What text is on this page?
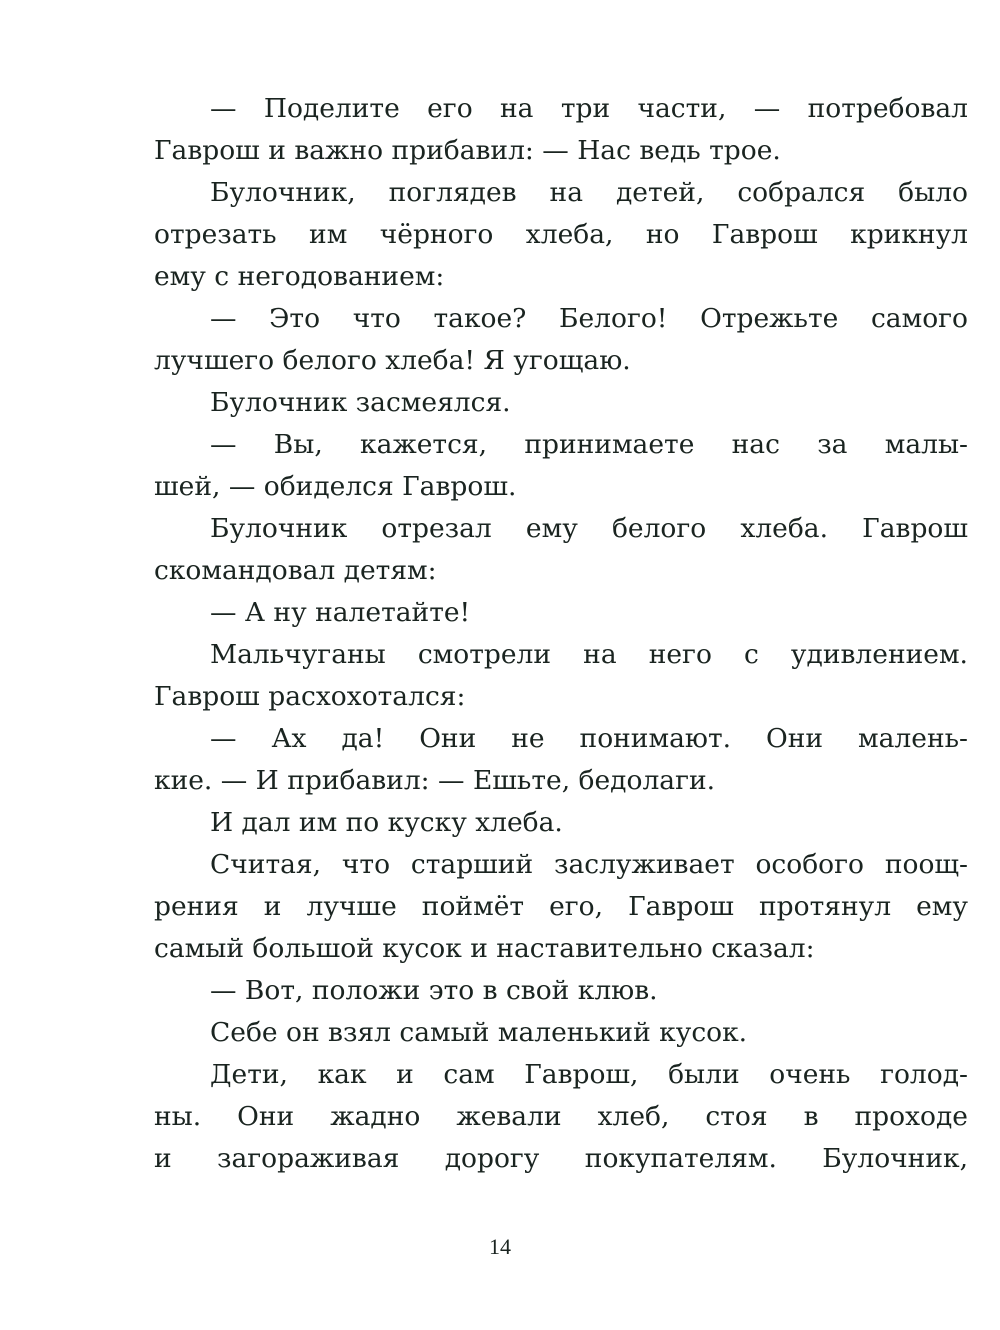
— Поделите его на три части, — потребовал
Гаврош и важно прибавил: — Нас ведь трое.
Булочник, поглядев на детей, собрался было
отрезать им чёрного хлеба, но Гаврош крикнул
ему с негодованием:
— Это что такое? Белого! Отрежьте самого
лучшего белого хлеба! Я угощаю.
Булочник засмеялся.
— Вы, кажется, принимаете нас за малы-
шей, — обиделся Гаврош.
Булочник отрезал ему белого хлеба. Гаврош
скомандовал детям:
— А ну налетайте!
Мальчуганы смотрели на него с удивлением.
Гаврош расхохотался:
— Ах да! Они не понимают. Они малень-
кие. — И прибавил: — Ешьте, бедолаги.
И дал им по куску хлеба.
Считая, что старший заслуживает особого поощ-
рения и лучше поймёт его, Гаврош протянул ему
самый большой кусок и наставительно сказал:
— Вот, положи это в свой клюв.
Себе он взял самый маленький кусок.
Дети, как и сам Гаврош, были очень голод-
ны. Они жадно жевали хлеб, стоя в проходе
и загораживая дорогу покупателям. Булочник,
14
